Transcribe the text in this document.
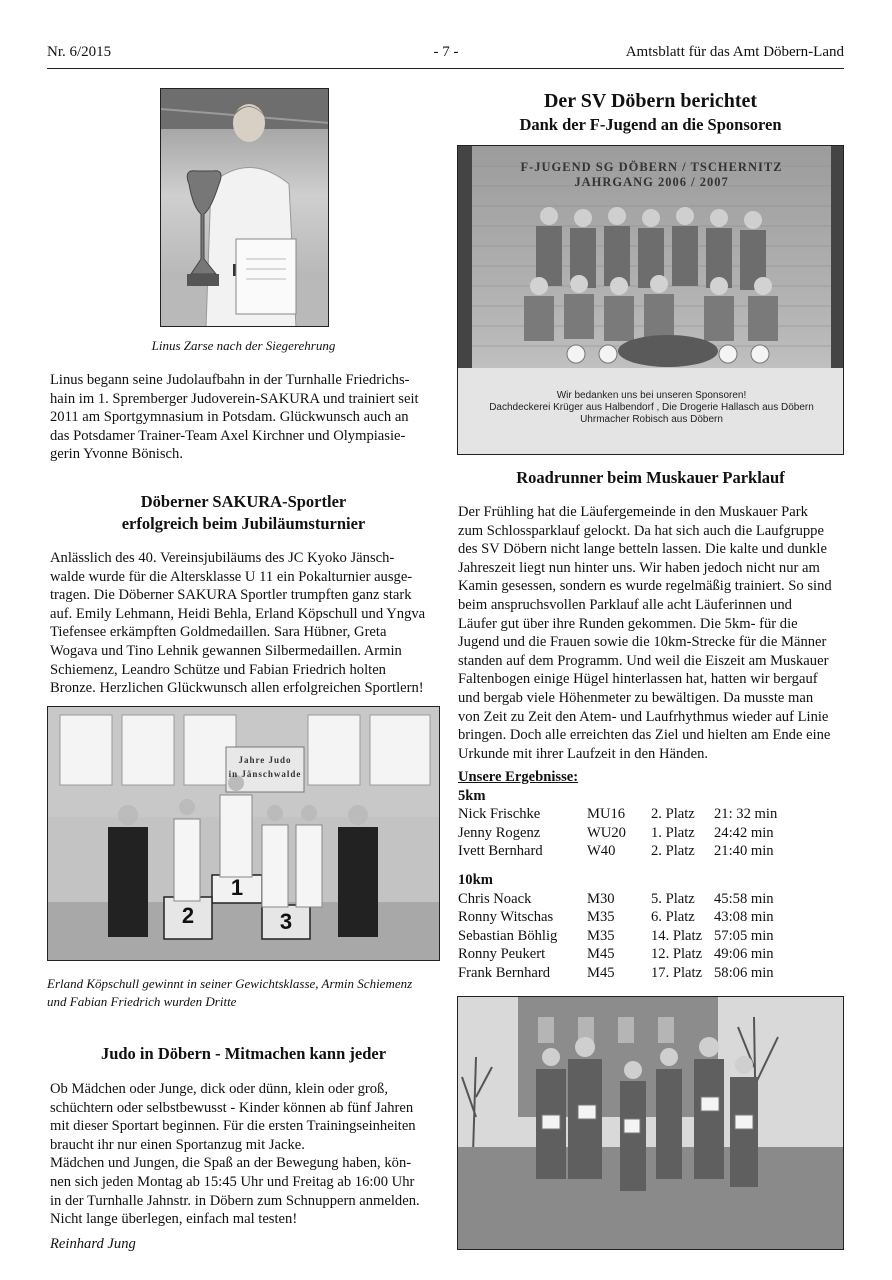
Nr. 6/2015	- 7 -	Amtsblatt für das Amt Döbern-Land
Linus Zarse nach der Siegerehrung
Linus begann seine Judolaufbahn in der Turnhalle Friedrichs-
hain im 1. Spremberger Judoverein-SAKURA und trainiert seit
2011 am Sportgymnasium in Potsdam. Glückwunsch auch an
das Potsdamer Trainer-Team Axel Kirchner und Olympiasie-
gerin Yvonne Bönisch.
Döberner SAKURA-Sportler
erfolgreich beim Jubiläumsturnier
Anlässlich des 40. Vereinsjubiläums des JC Kyoko Jänsch-
walde wurde für die Altersklasse U 11 ein Pokalturnier ausge-
tragen. Die Döberner SAKURA Sportler trumpften ganz stark
auf. Emily Lehmann, Heidi Behla, Erland Köpschull und Yngva
Tiefensee erkämpften Goldmedaillen. Sara Hübner, Greta
Wogava und Tino Lehnik gewannen Silbermedaillen. Armin
Schiemenz, Leandro Schütze und Fabian Friedrich holten
Bronze. Herzlichen Glückwunsch allen erfolgreichen Sportlern!
Jahre Judo
in Jänschwalde
1
2	3
Erland Köpschull gewinnt in seiner Gewichtsklasse, Armin Schiemenz
und Fabian Friedrich wurden Dritte
Judo in Döbern - Mitmachen kann jeder
Ob Mädchen oder Junge, dick oder dünn, klein oder groß,
schüchtern oder selbstbewusst - Kinder können ab fünf Jahren
mit dieser Sportart beginnen. Für die ersten Trainingseinheiten
braucht ihr nur einen Sportanzug mit Jacke.
Mädchen und Jungen, die Spaß an der Bewegung haben, kön-
nen sich jeden Montag ab 15:45 Uhr und Freitag ab 16:00 Uhr
in der Turnhalle Jahnstr. in Döbern zum Schnuppern anmelden.
Nicht lange überlegen, einfach mal testen!
Reinhard Jung
Der SV Döbern berichtet
Dank der F-Jugend an die Sponsoren
F-JUGEND SG DÖBERN / TSCHERNITZ
JAHRGANG 2006 / 2007
Wir bedanken uns bei unseren Sponsoren!
Dachdeckerei Krüger aus Halbendorf , Die Drogerie Hallasch aus Döbern
Uhrmacher Robisch aus Döbern
Roadrunner beim Muskauer Parklauf
Der Frühling hat die Läufergemeinde in den Muskauer Park
zum Schlossparklauf gelockt. Da hat sich auch die Laufgruppe
des SV Döbern nicht lange betteln lassen. Die kalte und dunkle
Jahreszeit liegt nun hinter uns. Wir haben jedoch nicht nur am
Kamin gesessen, sondern es wurde regelmäßig trainiert. So sind
beim anspruchsvollen Parklauf alle acht Läuferinnen und
Läufer gut über ihre Runden gekommen. Die 5km- für die
Jugend und die Frauen sowie die 10km-Strecke für die Männer
standen auf dem Programm. Und weil die Eiszeit am Muskauer
Faltenbogen einige Hügel hinterlassen hat, hatten wir bergauf
und bergab viele Höhenmeter zu bewältigen. Da musste man
von Zeit zu Zeit den Atem- und Laufrhythmus wieder auf Linie
bringen. Doch alle erreichten das Ziel und hielten am Ende eine
Urkunde mit ihrer Laufzeit in den Händen.
Unsere Ergebnisse:
5km
Nick Frischke	MU16	2. Platz	21: 32 min
Jenny Rogenz	WU20	1. Platz	24:42 min
Ivett Bernhard	W40	2. Platz	21:40 min
10km
Chris Noack	M30	5. Platz	45:58 min
Ronny Witschas	M35	6. Platz	43:08 min
Sebastian Böhlig	M35	14. Platz	57:05 min
Ronny Peukert	M45	12. Platz	49:06 min
Frank Bernhard	M45	17. Platz	58:06 min
